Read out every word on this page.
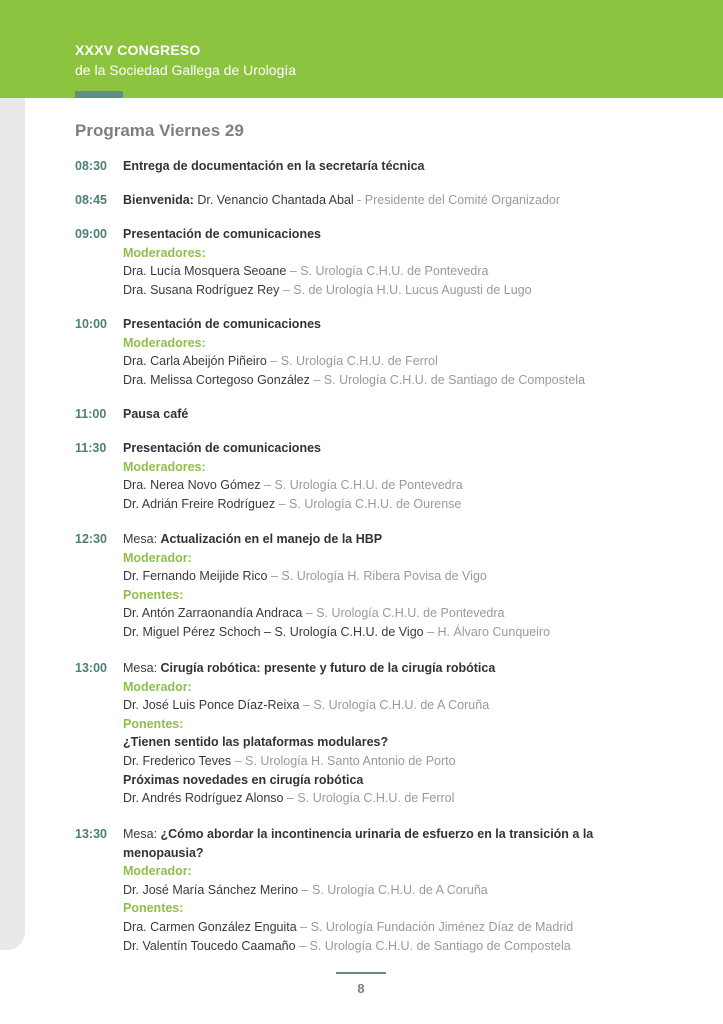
XXXV CONGRESO
de la Sociedad Gallega de Urología
Programa Viernes 29
08:30	Entrega de documentación en la secretaría técnica
08:45	Bienvenida: Dr. Venancio Chantada Abal - Presidente del Comité Organizador
09:00	Presentación de comunicaciones
Moderadores:
Dra. Lucía Mosquera Seoane – S. Urología C.H.U. de Pontevedra
Dra. Susana Rodríguez Rey – S. de Urología H.U. Lucus Augusti de Lugo
10:00	Presentación de comunicaciones
Moderadores:
Dra. Carla Abeijón Piñeiro – S. Urología C.H.U. de Ferrol
Dra. Melissa Cortegoso González – S. Urología C.H.U. de Santiago de Compostela
11:00	Pausa café
11:30	Presentación de comunicaciones
Moderadores:
Dra. Nerea Novo Gómez – S. Urología C.H.U. de Pontevedra
Dr. Adrián Freire Rodríguez – S. Urología C.H.U. de Ourense
12:30	Mesa: Actualización en el manejo de la HBP
Moderador:
Dr. Fernando Meijide Rico – S. Urología H. Ribera Povisa de Vigo
Ponentes:
Dr. Antón Zarraonandía Andraca – S. Urología C.H.U. de Pontevedra
Dr. Miguel Pérez Schoch – S. Urología C.H.U. de Vigo – H. Álvaro Cunqueiro
13:00	Mesa: Cirugía robótica: presente y futuro de la cirugía robótica
Moderador:
Dr. José Luis Ponce Díaz-Reixa – S. Urología C.H.U. de A Coruña
Ponentes:
¿Tienen sentido las plataformas modulares?
Dr. Frederico Teves – S. Urología H. Santo Antonio de Porto
Próximas novedades en cirugía robótica
Dr. Andrés Rodríguez Alonso – S. Urología C.H.U. de Ferrol
13:30	Mesa: ¿Cómo abordar la incontinencia urinaria de esfuerzo en la transición a la menopausia?
Moderador:
Dr. José María Sánchez Merino – S. Urología C.H.U. de A Coruña
Ponentes:
Dra. Carmen González Enguita – S. Urología Fundación Jiménez Díaz de Madrid
Dr. Valentín Toucedo Caamaño – S. Urología C.H.U. de Santiago de Compostela
8
